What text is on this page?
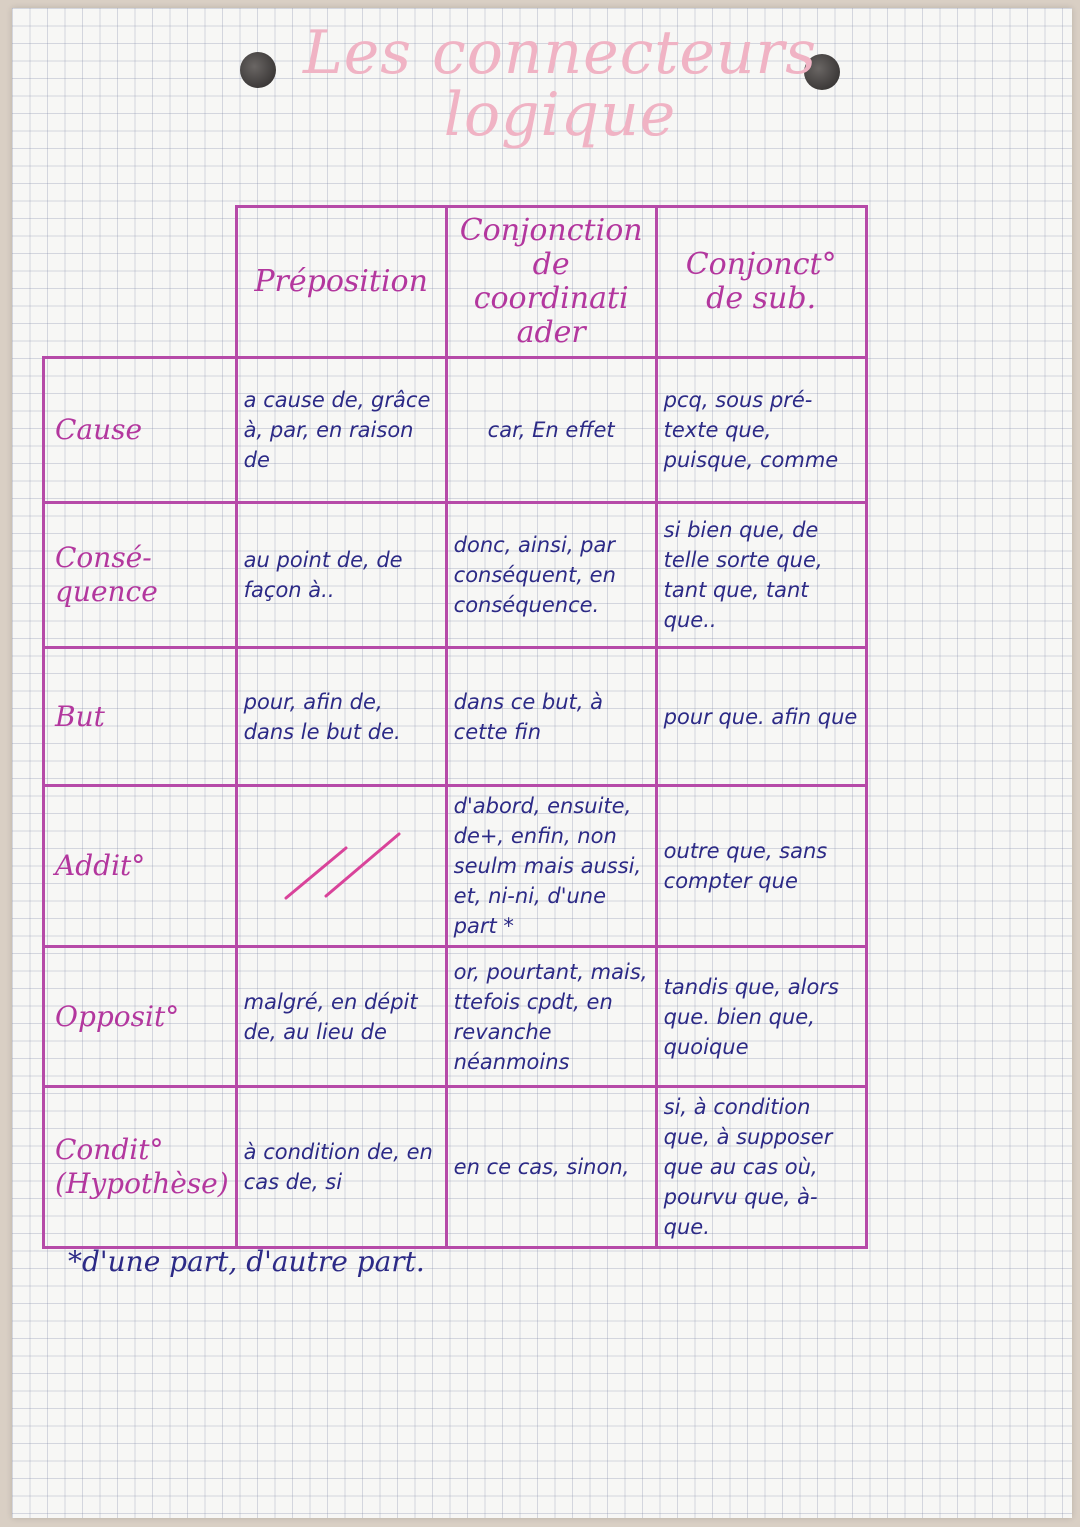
Les connecteurs
logique
	Préposition	Conjonction de coordinati ader	Conjonct° de sub.
Cause	a cause de, grâce à, par, en raison de	car, En effet	pcq, sous pré-texte que, puisque, comme
Consé-quence	au point de, de façon à..	donc, ainsi, par conséquent, en conséquence.	si bien que, de telle sorte que, tant que, tant que..
But	pour, afin de, dans le but de.	dans ce but, à cette fin	pour que. afin que
Addit°		d'abord, ensuite, de+, enfin, non seulm mais aussi, et, ni-ni, d'une part *	outre que, sans compter que
Opposit°	malgré, en dépit de, au lieu de	or, pourtant, mais, ttefois cpdt, en revanche néanmoins	tandis que, alors que. bien que, quoique
Condit° (Hypothèse)	à condition de, en cas de, si	en ce cas, sinon,	si, à condition que, à supposer que au cas où, pourvu que, à-que.
*d'une part, d'autre part.
